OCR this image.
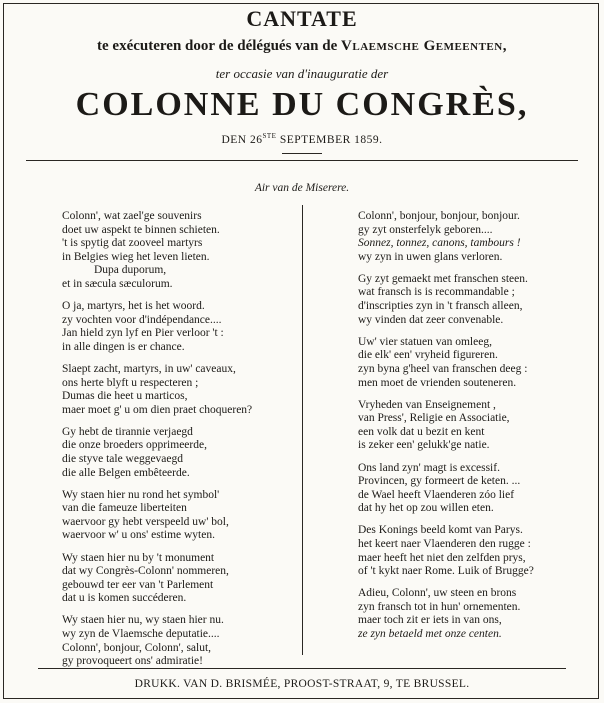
CANTATE
te exécuteren door de délégués van de Vlaemsche Gemeenten,
ter occasie van d'inauguratie der
COLONNE DU CONGRÈS,
DEN 26STE SEPTEMBER 1859.
Air van de Miserere.
Colonn', wat zael'ge souvenirs
doet uw aspekt te binnen schieten.
't is spytig dat zooveel martyrs
in Belgies wieg het leven lieten.
Dupa duporum,
et in sæcula sæculorum.
O ja, martyrs, het is het woord.
zy vochten voor d'indépendance....
Jan hield zyn lyf en Pier verloor 't :
in alle dingen is er chance.
Slaept zacht, martyrs, in uw' caveaux,
ons herte blyft u respecteren ;
Dumas die heet u marticos,
maer moet g' u om dien praet choqueren?
Gy hebt de tirannie verjaegd
die onze broeders opprimeerde,
die styve tale weggevaegd
die alle Belgen embêteerde.
Wy staen hier nu rond het symbol'
van die fameuze liberteiten
waervoor gy hebt verspeeld uw' bol,
waervoor w' u ons' estime wyten.
Wy staen hier nu by 't monument
dat wy Congrès-Colonn' nommeren,
gebouwd ter eer van 't Parlement
dat u is komen succéderen.
Wy staen hier nu, wy staen hier nu.
wy zyn de Vlaemsche deputatie....
Colonn', bonjour, Colonn', salut,
gy provoqueert ons' admiratie!
Colonn', bonjour, bonjour, bonjour.
gy zyt onsterfelyk geboren....
Sonnez, tonnez, canons, tambours !
wy zyn in uwen glans verloren.
Gy zyt gemaekt met franschen steen.
wat fransch is is recommandable ;
d'inscripties zyn in 't fransch alleen,
wy vinden dat zeer convenable.
Uw' vier statuen van omleeg,
die elk' een' vryheid figureren.
zyn byna g'heel van franschen deeg :
men moet de vrienden souteneren.
Vryheden van Enseignement ,
van Press', Religie en Associatie,
een volk dat u bezit en kent
is zeker een' gelukk'ge natie.
Ons land zyn' magt is excessif.
Provincen, gy formeert de keten. ...
de Wael heeft Vlaenderen zóo lief
dat hy het op zou willen eten.
Des Konings beeld komt van Parys.
het keert naer Vlaenderen den rugge :
maer heeft het niet den zelfden prys,
of 't kykt naer Rome. Luik of Brugge?
Adieu, Colonn', uw steen en brons
zyn fransch tot in hun' ornementen.
maer toch zit er iets in van ons,
ze zyn betaeld met onze centen.
DRUKK. VAN D. BRISMÉE, PROOST-STRAAT, 9, TE BRUSSEL.
